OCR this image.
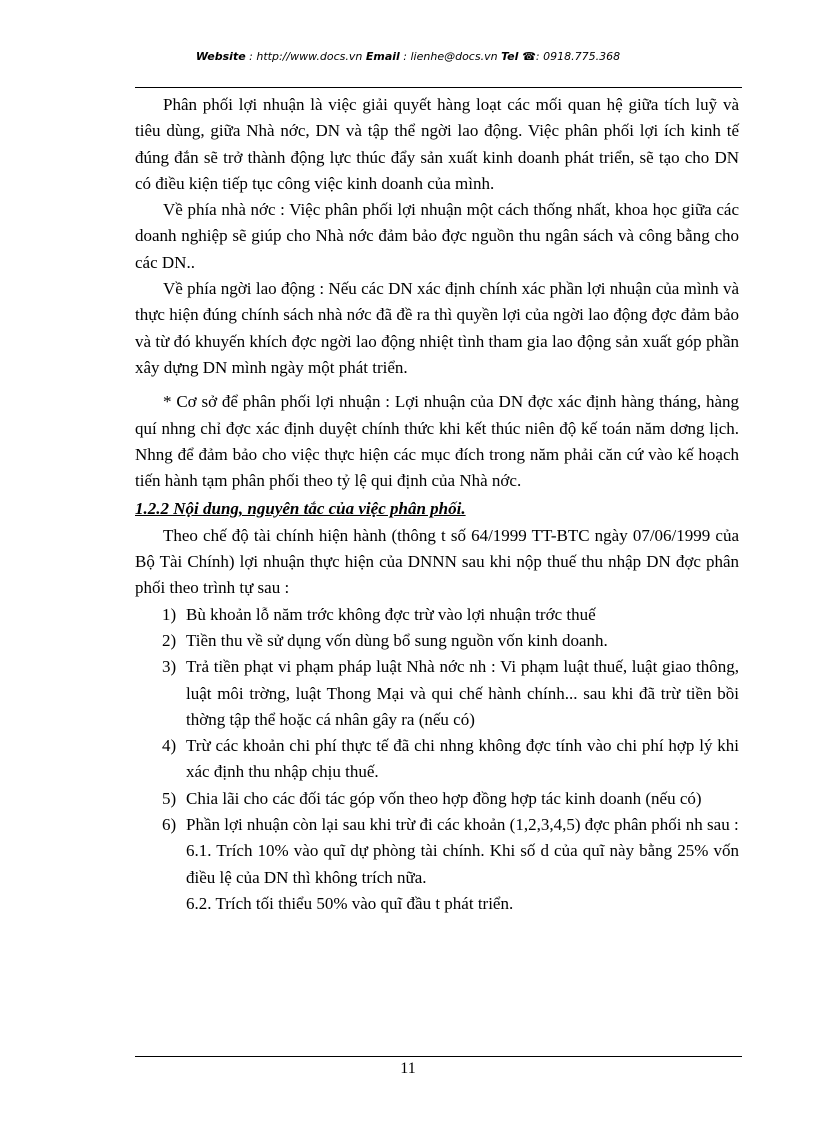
Website : http://www.docs.vn Email : lienhe@docs.vn Tel ☎: 0918.775.368

Phân phối lợi nhuận là việc giải quyết hàng loạt các mối quan hệ giữa tích luỹ và tiêu dùng, giữa Nhà nớc, DN và tập thể ngời lao động. Việc phân phối lợi ích kinh tế đúng đắn sẽ trở thành động lực thúc đẩy sản xuất kinh doanh phát triển, sẽ tạo cho DN có điều kiện tiếp tục công việc kinh doanh của mình.

Về phía nhà nớc : Việc phân phối lợi nhuận một cách thống nhất, khoa học giữa các doanh nghiệp sẽ giúp cho Nhà nớc đảm bảo đợc nguồn thu ngân sách và công bằng cho các DN..

Về phía ngời lao động : Nếu các DN xác định chính xác phần lợi nhuận của mình và thực hiện đúng chính sách nhà nớc đã đề ra thì quyền lợi của ngời lao động đợc đảm bảo và từ đó khuyến khích đợc ngời lao động nhiệt tình tham gia lao động sản xuất góp phần xây dựng DN mình ngày một phát triển.

* Cơ sở để phân phối lợi nhuận : Lợi nhuận của DN đợc xác định hàng tháng, hàng quí nhng chỉ đợc xác định duyệt chính thức khi kết thúc niên độ kế toán năm dơng lịch. Nhng để đảm bảo cho việc thực hiện các mục đích trong năm phải căn cứ vào kế hoạch tiến hành tạm phân phối theo tỷ lệ qui định của Nhà nớc.

1.2.2 Nội dung, nguyên tắc của việc phân phối.

Theo chế độ tài chính hiện hành (thông t số 64/1999 TT-BTC ngày 07/06/1999 của Bộ Tài Chính) lợi nhuận thực hiện của DNNN sau khi nộp thuế thu nhập DN đợc phân phối theo trình tự sau :

1) Bù khoản lỗ năm trớc không đợc trừ vào lợi nhuận trớc thuế
2) Tiền thu về sử dụng vốn dùng bổ sung nguồn vốn kinh doanh.
3) Trả tiền phạt vi phạm pháp luật Nhà nớc nh : Vi phạm luật thuế, luật giao thông, luật môi trờng, luật Thong Mại và qui chế hành chính... sau khi đã trừ tiền bồi thờng tập thể hoặc cá nhân gây ra (nếu có)
4) Trừ các khoản chi phí thực tế đã chi nhng không đợc tính vào chi phí hợp lý khi xác định thu nhập chịu thuế.
5) Chia lãi cho các đối tác góp vốn theo hợp đồng hợp tác kinh doanh (nếu có)
6) Phần lợi nhuận còn lại sau khi trừ đi các khoản (1,2,3,4,5) đợc phân phối nh sau :

6.1. Trích 10% vào quĩ dự phòng tài chính. Khi số d của quĩ này bằng 25% vốn điều lệ của DN thì không trích nữa.

6.2. Trích tối thiểu 50% vào quĩ đầu t phát triển.

11
